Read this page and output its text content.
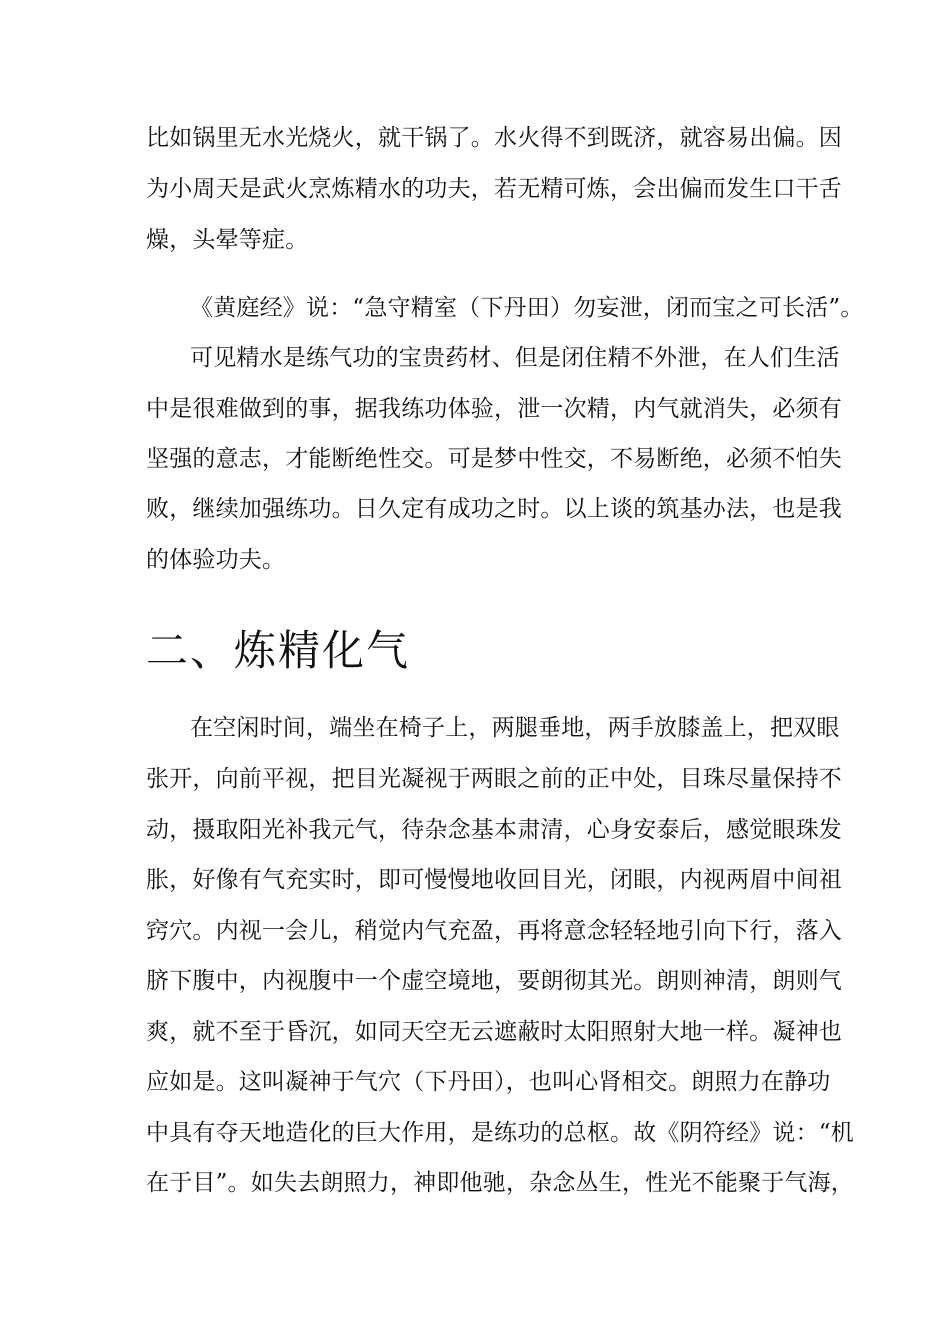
比如锅里无水光烧火，就干锅了。水火得不到既济，就容易出偏。因
为小周天是武火烹炼精水的功夫，若无精可炼，会出偏而发生口干舌
燥，头晕等症。
《黄庭经》说：“急守精室（下丹田）勿妄泄，闭而宝之可长活”。
可见精水是练气功的宝贵药材、但是闭住精不外泄，在人们生活
中是很难做到的事，据我练功体验，泄一次精，内气就消失，必须有
坚强的意志，才能断绝性交。可是梦中性交，不易断绝，必须不怕失
败，继续加强练功。日久定有成功之时。以上谈的筑基办法，也是我
的体验功夫。
二、炼精化气
在空闲时间，端坐在椅子上，两腿垂地，两手放膝盖上，把双眼
张开，向前平视，把目光凝视于两眼之前的正中处，目珠尽量保持不
动，摄取阳光补我元气，待杂念基本肃清，心身安泰后，感觉眼珠发
胀，好像有气充实时，即可慢慢地收回目光，闭眼，内视两眉中间祖
窍穴。内视一会儿，稍觉内气充盈，再将意念轻轻地引向下行，落入
脐下腹中，内视腹中一个虚空境地，要朗彻其光。朗则神清，朗则气
爽，就不至于昏沉，如同天空无云遮蔽时太阳照射大地一样。凝神也
应如是。这叫凝神于气穴（下丹田），也叫心肾相交。朗照力在静功
中具有夺天地造化的巨大作用，是练功的总枢。故《阴符经》说：“机
在于目”。如失去朗照力，神即他驰，杂念丛生，性光不能聚于气海，
